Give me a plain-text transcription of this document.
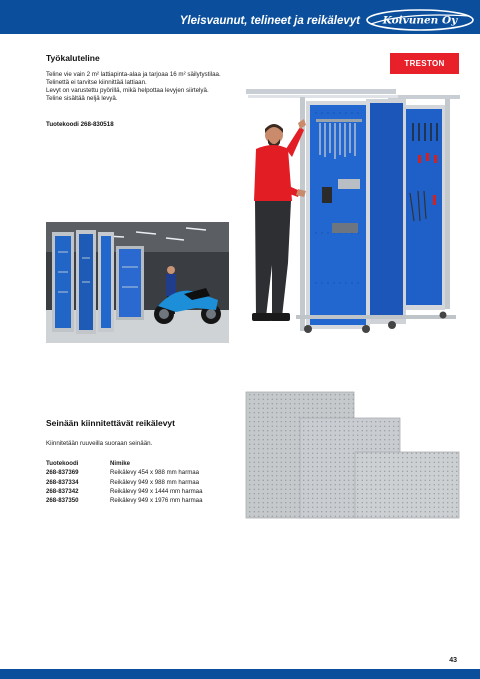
Yleisvaunut, telineet ja reikälevyt Koivunen Oy
Työkaluteline
Teline vie vain 2 m² lattiapinta-alaa ja tarjoaa 16 m² säilytystilaa.
Telinettä ei tarvitse kiinnittää lattiaan.
Levyt on varustettu pyörillä, mikä helpottaa levyjen siirtelyä.
Teline sisältää neljä levyä.
Tuotekoodi 268-830518
TRESTON
Seinään kiinnitettävät reikälevyt
Kiinnitetään ruuveilla suoraan seinään.
Tuotekoodi	Nimike
268-837369	Reikälevy 454 x 988 mm harmaa
268-837334	Reikälevy 949 x 988 mm harmaa
268-837342	Reikälevy 949 x 1444 mm harmaa
268-837350	Reikälevy 949 x 1976 mm harmaa
43
